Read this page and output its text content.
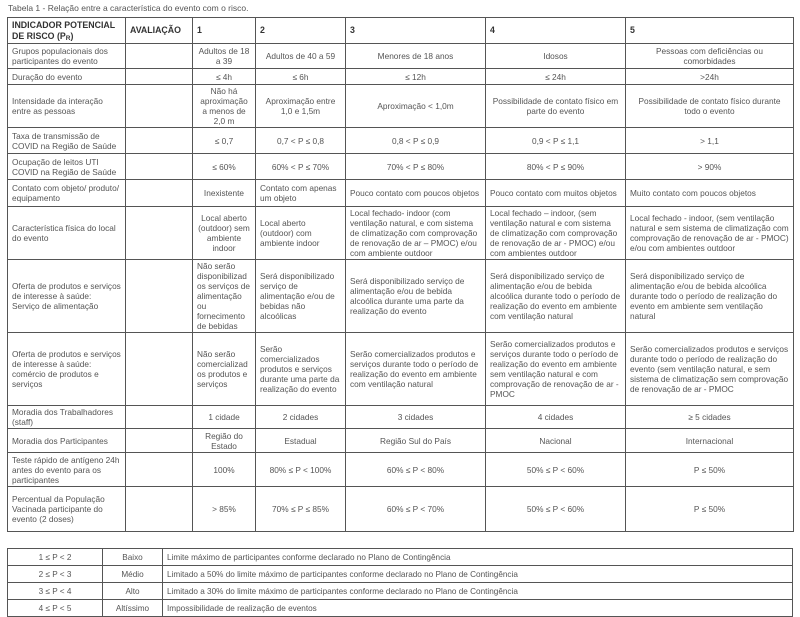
Tabela 1 - Relação entre a característica do evento com o risco.
INDICADOR POTENCIAL DE RISCO (PR)	AVALIAÇÃO	1	2	3	4	5
Grupos populacionais dos participantes do evento		Adultos de 18 a 39	Adultos de 40 a 59	Menores de 18 anos	Idosos	Pessoas com deficiências ou comorbidades
Duração do evento		≤ 4h	≤ 6h	≤ 12h	≤ 24h	>24h
Intensidade da interação entre as pessoas		Não há aproximação a menos de 2,0 m	Aproximação entre 1,0 e 1,5m	Aproximação < 1,0m	Possibilidade de contato físico em parte do evento	Possibilidade de contato físico durante todo o evento
Taxa de transmissão de COVID na Região de Saúde		≤ 0,7	0,7 < P ≤ 0,8	0,8 < P ≤ 0,9	0,9 < P ≤ 1,1	> 1,1
Ocupação de leitos UTI COVID na Região de Saúde		≤ 60%	60% < P ≤ 70%	70% < P ≤ 80%	80% < P ≤ 90%	> 90%
Contato com objeto/ produto/ equipamento		Inexistente	Contato com apenas um objeto	Pouco contato com poucos objetos	Pouco contato com muitos objetos	Muito contato com poucos objetos
Característica física do local do evento		Local aberto (outdoor) sem ambiente indoor	Local aberto (outdoor) com ambiente indoor	Local fechado- indoor (com ventilação natural, e com sistema de climatização com comprovação de renovação de ar – PMOC) e/ou com ambiente outdoor	Local fechado – indoor, (sem ventilação natural e com sistema de climatização com comprovação de renovação de ar - PMOC) e/ou com ambientes outdoor	Local fechado - indoor, (sem ventilação natural e sem sistema de climatização com comprovação de renovação de ar - PMOC) e/ou com ambientes outdoor
Oferta de produtos e serviços de interesse à saúde: Serviço de alimentação		Não serão disponibilizados serviços de alimentação ou fornecimento de bebidas	Será disponibilizado serviço de alimentação e/ou de bebidas não alcoólicas	Será disponibilizado serviço de alimentação e/ou de bebida alcoólica durante uma parte da realização do evento	Será disponibilizado serviço de alimentação e/ou de bebida alcoólica durante todo o período de realização do evento em ambiente com ventilação natural	Será disponibilizado serviço de alimentação e/ou de bebida alcoólica durante todo o período de realização do evento em ambiente sem ventilação natural
Oferta de produtos e serviços de interesse à saúde: comércio de produtos e serviços		Não serão comercializados produtos e serviços	Serão comercializados produtos e serviços durante uma parte da realização do evento	Serão comercializados produtos e serviços durante todo o período de realização do evento em ambiente com ventilação natural	Serão comercializados produtos e serviços durante todo o período de realização do evento em ambiente sem ventilação natural e com comprovação de renovação de ar - PMOC	Serão comercializados produtos e serviços durante todo o período de realização do evento (sem ventilação natural, e sem sistema de climatização sem comprovação de renovação de ar - PMOC
Moradia dos Trabalhadores (staff)		1 cidade	2 cidades	3 cidades	4 cidades	≥ 5 cidades
Moradia dos Participantes		Região do Estado	Estadual	Região Sul do País	Nacional	Internacional
Teste rápido de antígeno 24h antes do evento para os participantes		100%	80% ≤ P < 100%	60% ≤ P < 80%	50% ≤ P < 60%	P ≤ 50%
Percentual da População Vacinada participante do evento (2 doses)		> 85%	70% ≤ P ≤ 85%	60% ≤ P < 70%	50% ≤ P < 60%	P ≤ 50%
1 ≤ P < 2	Baixo	Limite máximo de participantes conforme declarado no Plano de Contingência
2 ≤ P < 3	Médio	Limitado a 50% do limite máximo de participantes conforme declarado no Plano de Contingência
3 ≤ P < 4	Alto	Limitado a 30% do limite máximo de participantes conforme declarado no Plano de Contingência
4 ≤ P < 5	Altíssimo	Impossibilidade de realização de eventos
